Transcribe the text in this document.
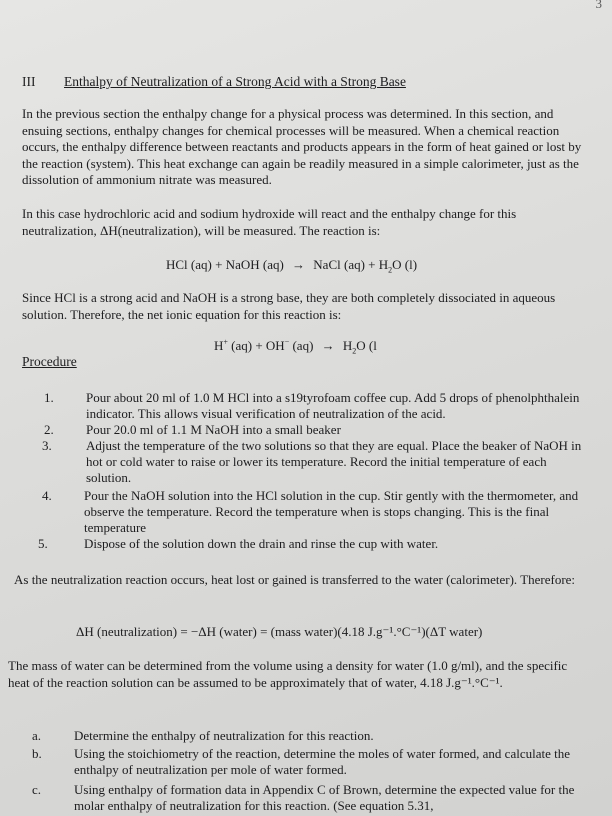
3
III Enthalpy of Neutralization of a Strong Acid with a Strong Base

In the previous section the enthalpy change for a physical process was determined. In this section, and ensuing sections, enthalpy changes for chemical processes will be measured. When a chemical reaction occurs, the enthalpy difference between reactants and products appears in the form of heat gained or lost by the reaction (system). This heat exchange can again be readily measured in a simple calorimeter, just as the dissolution of ammonium nitrate was measured.

In this case hydrochloric acid and sodium hydroxide will react and the enthalpy change for this neutralization, ΔH(neutralization), will be measured. The reaction is:

HCl (aq) + NaOH (aq) → NaCl $(aq) + H_2O$ (l)

Since HCl is a strong acid and NaOH is a strong base, they are both completely dissociated in aqueous solution. Therefore, the net ionic equation for this reaction is:

H+ (aq) + OH− $(aq) \to H_2O$ (l

Procedure

1. Pour about 20 ml of 1.0 M HCl into a s19tyrofoam coffee cup. Add 5 drops of phenolphthalein indicator. This allows visual verification of neutralization of the acid.

2. Pour 20.0 ml of 1.1 M NaOH into a small beaker

3.	Adjust the temperature of the two solutions so that they are equal. Place the beaker of NaOH in hot or cold water to raise or lower its temperature. Record the initial temperature of each solution.

4. Pour the NaOH solution into the HCl solution in the cup. Stir gently with the thermometer, and observe the temperature. Record the temperature when is stops changing. This is the final temperature

5.	Dispose of the solution down the drain and rinse the cup with water.

As the neutralization reaction occurs, heat lost or gained is transferred to the water (calorimeter). Therefore:

ΔH (neutralization) = −ΔH (water) = (mass water)(4.18 J.g⁻¹.°C⁻¹)(ΔT water)

The mass of water can be determined from the volume using a density for water (1.0 g/ml), and the specific heat of the reaction solution can be assumed to be approximately that of water, 4.18 J.g⁻¹.°C⁻¹.

a.	Determine the enthalpy of neutralization for this reaction.

b. Using the stoichiometry of the reaction, determine the moles of water formed, and calculate the enthalpy of neutralization per mole of water formed.

c.	Using enthalpy of formation data in Appendix C of Brown, determine the expected value for the molar enthalpy of neutralization for this reaction. (See equation 5.31,
